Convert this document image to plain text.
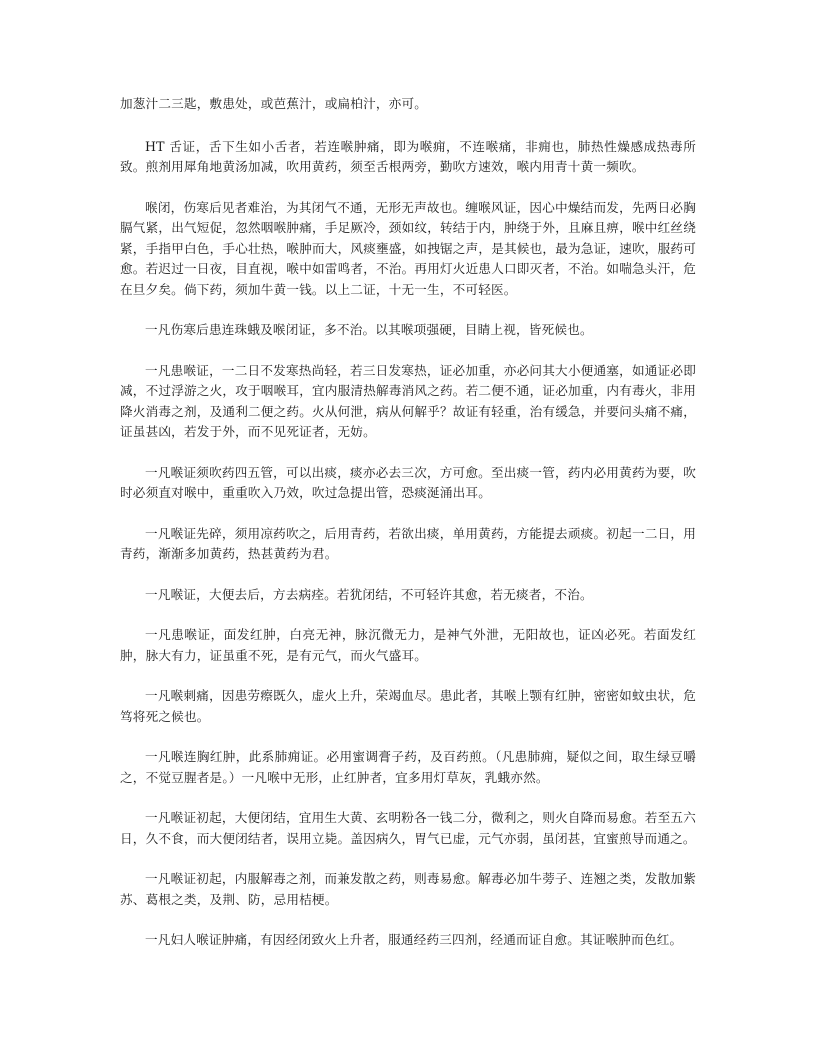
加葱汁二三匙，敷患处，或芭蕉汁，或扁柏汁，亦可。

HT 舌证，舌下生如小舌者，若连喉肿痛，即为喉痈，不连喉痛，非痈也，肺热性燥感成热毒所致。煎剂用犀角地黄汤加减，吹用黄药，须至舌根两旁，勤吹方速效，喉内用青十黄一频吹。

喉闭，伤寒后见者难治，为其闭气不通，无形无声故也。缠喉风证，因心中燥结而发，先两日必胸膈气紧，出气短促，忽然咽喉肿痛，手足厥冷，颈如纹，转结于内，肿绕于外，且麻且痹，喉中红丝绕紧，手指甲白色，手心壮热，喉肿而大，风痰壅盛，如拽锯之声，是其候也，最为急证，速吹，服药可愈。若迟过一日夜，目直视，喉中如雷鸣者，不治。再用灯火近患人口即灭者，不治。如喘急头汗，危在旦夕矣。倘下药，须加牛黄一钱。以上二证，十无一生，不可轻医。

一凡伤寒后患连珠蛾及喉闭证，多不治。以其喉项强硬，目睛上视，皆死候也。

一凡患喉证，一二日不发寒热尚轻，若三日发寒热，证必加重，亦必问其大小便通塞，如通证必即减，不过浮游之火，攻于咽喉耳，宜内服清热解毒消风之药。若二便不通，证必加重，内有毒火，非用降火消毒之剂，及通利二便之药。火从何泄，病从何解乎？故证有轻重，治有缓急，并要问头痛不痛，证虽甚凶，若发于外，而不见死证者，无妨。

一凡喉证须吹药四五管，可以出痰，痰亦必去三次，方可愈。至出痰一管，药内必用黄药为要，吹时必须直对喉中，重重吹入乃效，吹过急提出管，恐痰涎涌出耳。

一凡喉证先碎，须用凉药吹之，后用青药，若欲出痰，单用黄药，方能提去顽痰。初起一二日，用青药，渐渐多加黄药，热甚黄药为君。

一凡喉证，大便去后，方去病痊。若犹闭结，不可轻许其愈，若无痰者，不治。

一凡患喉证，面发红肿，白亮无神，脉沉微无力，是神气外泄，无阳故也，证凶必死。若面发红肿，脉大有力，证虽重不死，是有元气，而火气盛耳。

一凡喉刺痛，因患劳瘵既久，虚火上升，荣竭血尽。患此者，其喉上颚有红肿，密密如蚊虫状，危笃将死之候也。

一凡喉连胸红肿，此系肺痈证。必用蜜调膏子药，及百药煎。（凡患肺痈，疑似之间，取生绿豆嚼之，不觉豆腥者是。）一凡喉中无形，止红肿者，宜多用灯草灰，乳蛾亦然。

一凡喉证初起，大便闭结，宜用生大黄、玄明粉各一钱二分，微利之，则火自降而易愈。若至五六日，久不食，而大便闭结者，误用立毙。盖因病久，胃气已虚，元气亦弱，虽闭甚，宜蜜煎导而通之。

一凡喉证初起，内服解毒之剂，而兼发散之药，则毒易愈。解毒必加牛蒡子、连翘之类，发散加紫苏、葛根之类，及荆、防，忌用桔梗。

一凡妇人喉证肿痛，有因经闭致火上升者，服通经药三四剂，经通而证自愈。其证喉肿而色红。
